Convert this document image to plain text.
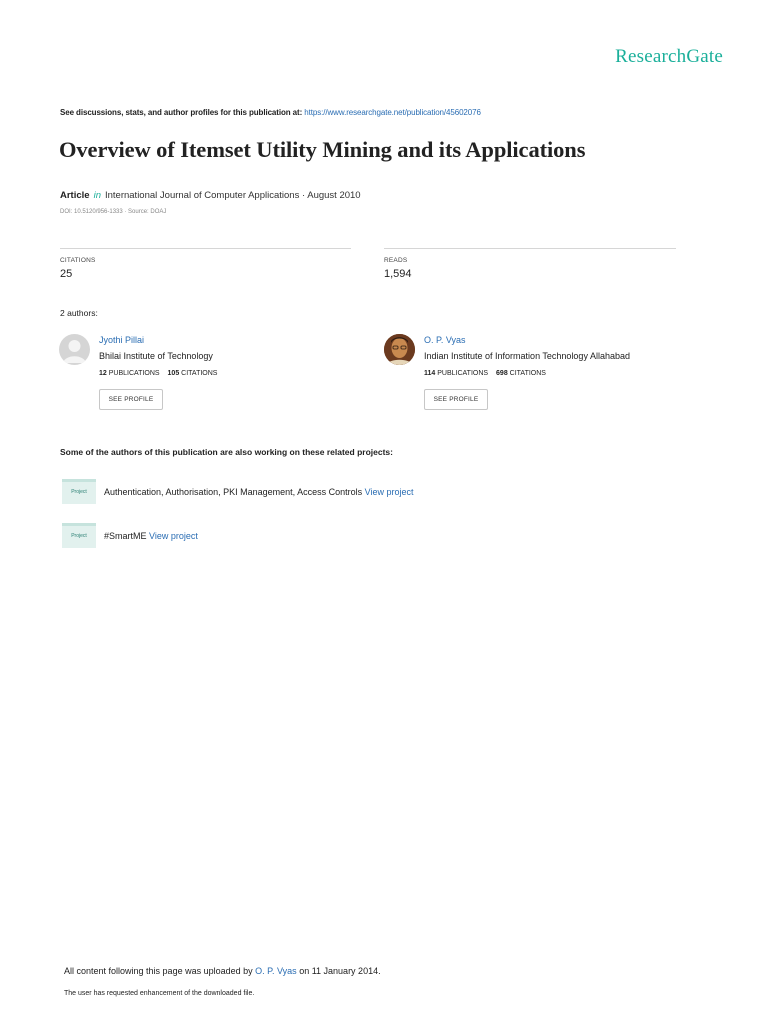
ResearchGate
See discussions, stats, and author profiles for this publication at: https://www.researchgate.net/publication/45602076
Overview of Itemset Utility Mining and its Applications
Article in International Journal of Computer Applications · August 2010
DOI: 10.5120/956-1333 · Source: DOAJ
CITATIONS
25
READS
1,594
2 authors:
Jyothi Pillai
Bhilai Institute of Technology
12 PUBLICATIONS 105 CITATIONS
SEE PROFILE
O. P. Vyas
Indian Institute of Information Technology Allahabad
114 PUBLICATIONS 698 CITATIONS
SEE PROFILE
Some of the authors of this publication are also working on these related projects:
Project	Authentication, Authorisation, PKI Management, Access Controls View project
Project	#SmartME View project
All content following this page was uploaded by O. P. Vyas on 11 January 2014.
The user has requested enhancement of the downloaded file.
